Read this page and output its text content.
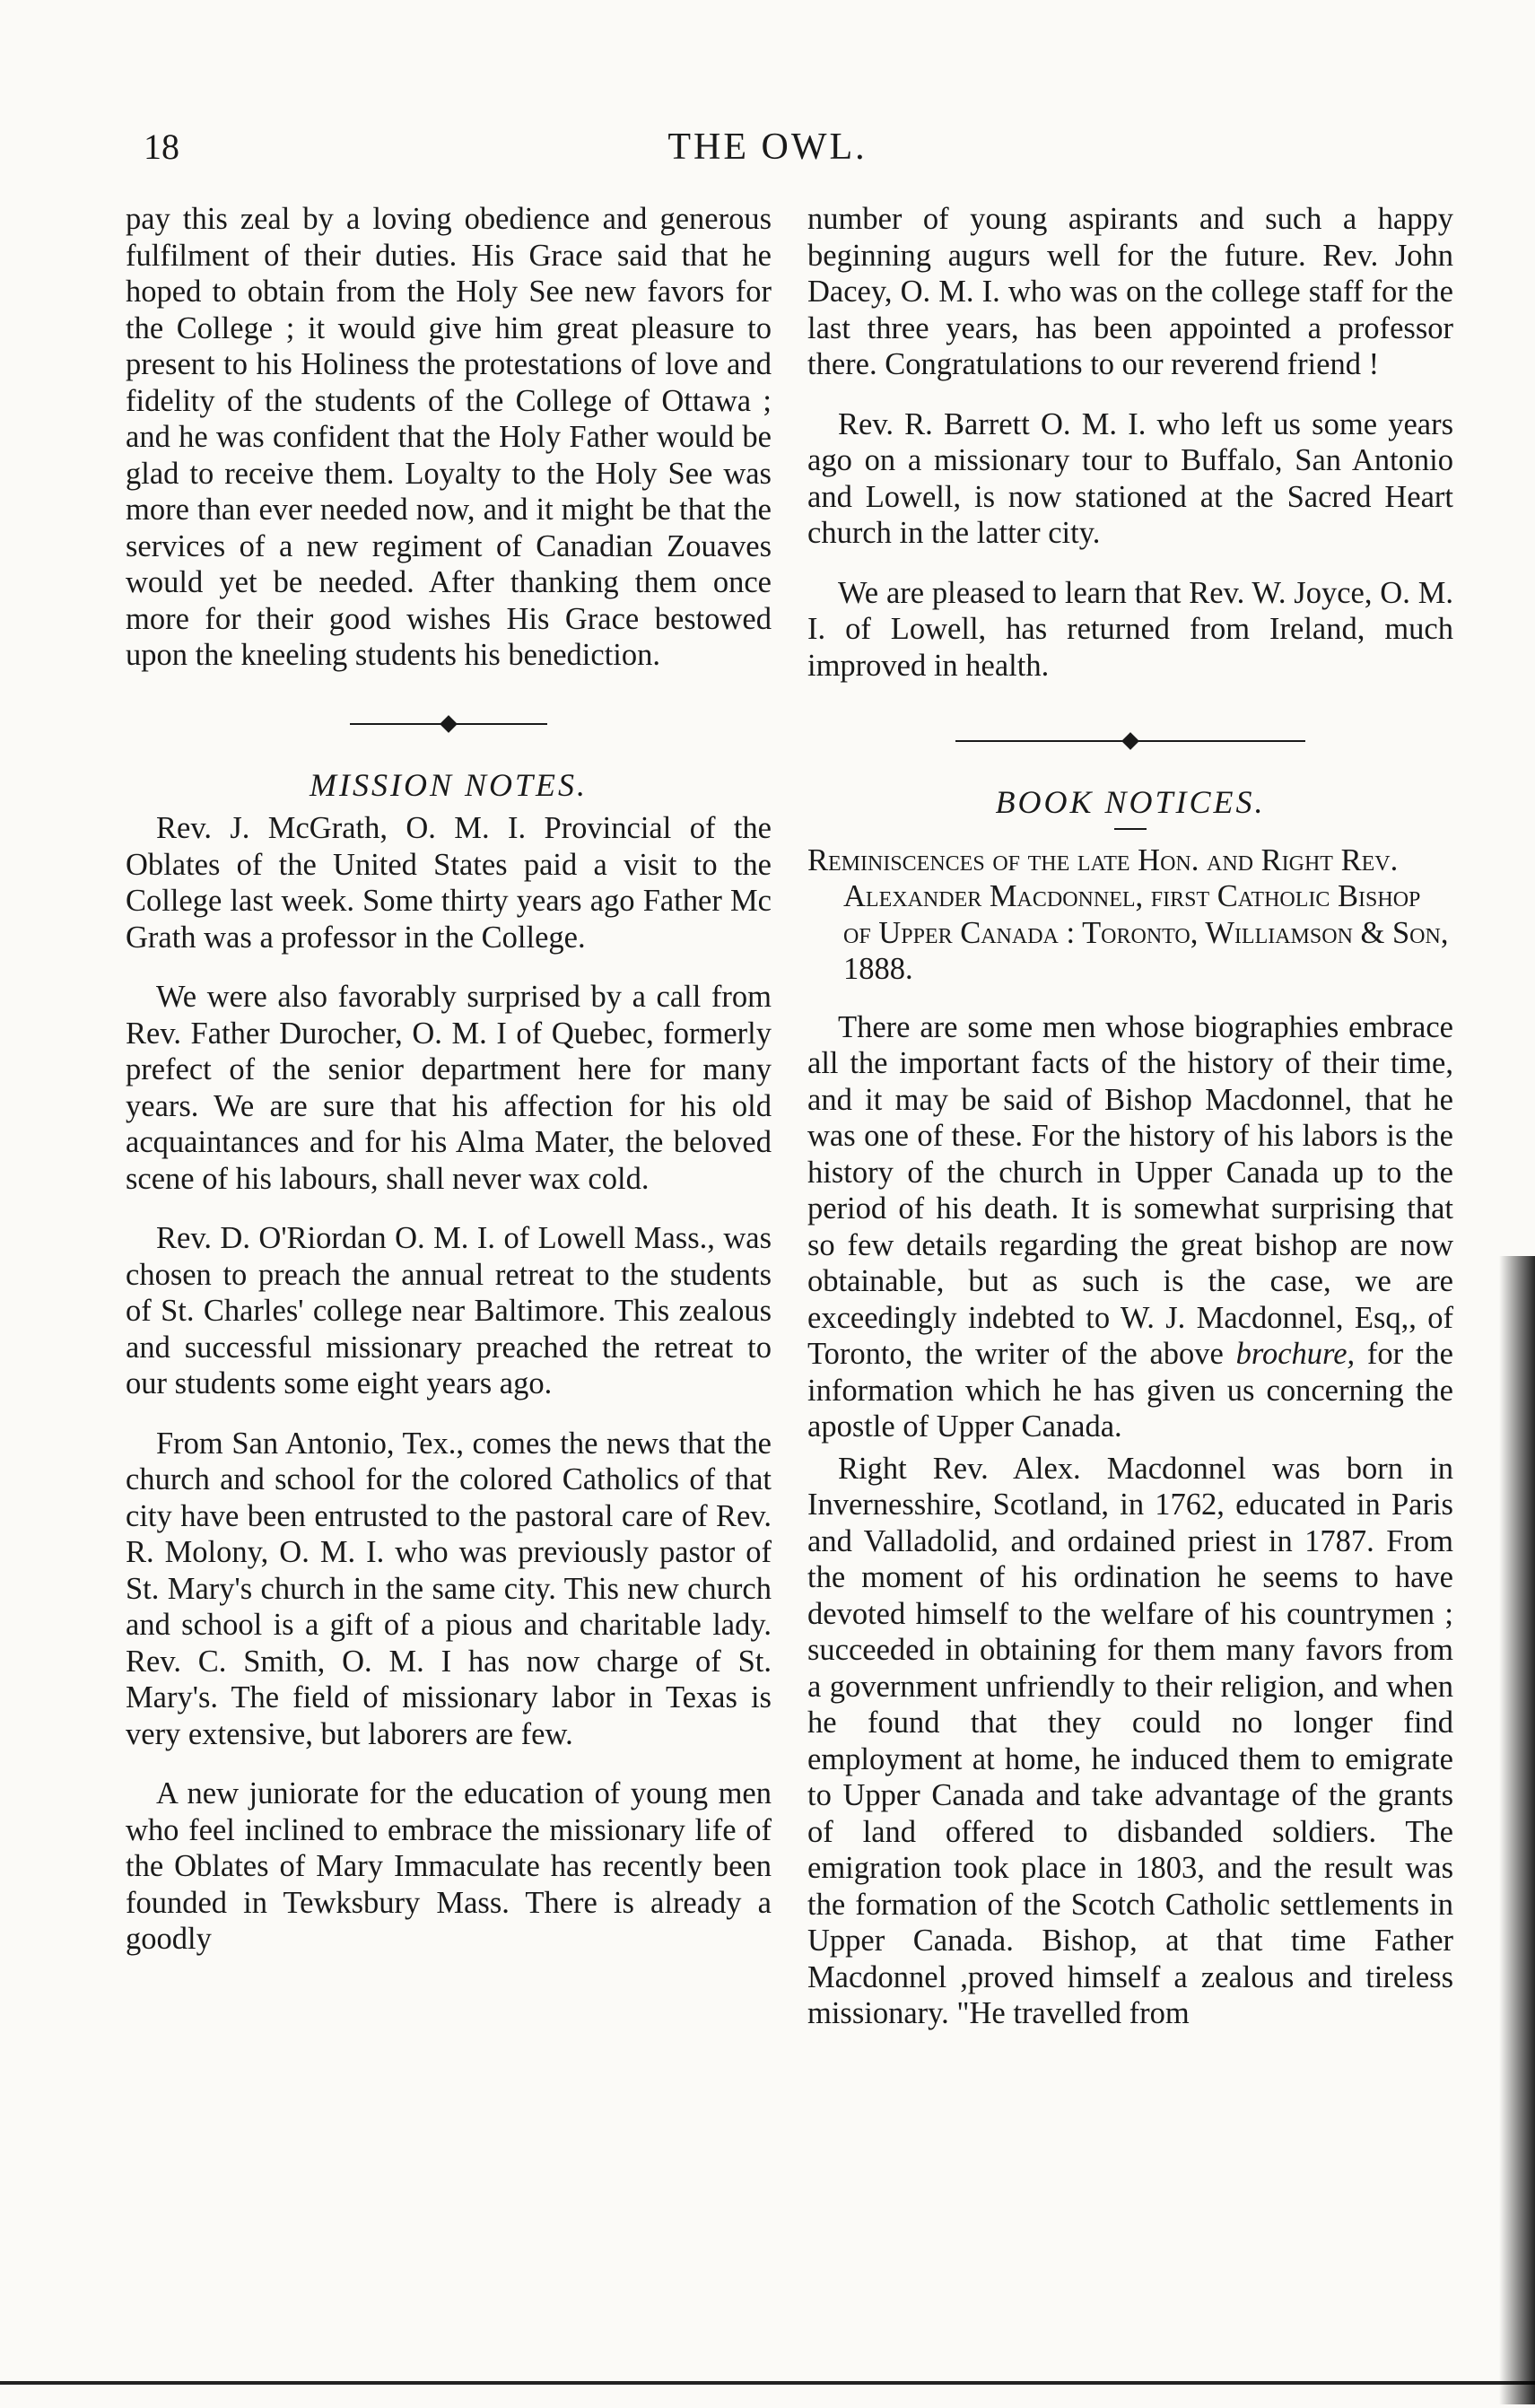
18	THE OWL.

pay this zeal by a loving obedience and generous fulfilment of their duties. His Grace said that he hoped to obtain from the Holy See new favors for the College ; it would give him great pleasure to present to his Holiness the protestations of love and fidelity of the students of the College of Ottawa ; and he was confident that the Holy Father would be glad to receive them. Loyalty to the Holy See was more than ever needed now, and it might be that the services of a new regiment of Canadian Zouaves would yet be needed. After thanking them once more for their good wishes His Grace bestowed upon the kneeling students his benediction.

MISSION NOTES.

Rev. J. McGrath, O. M. I. Provincial of the Oblates of the United States paid a visit to the College last week. Some thirty years ago Father Mc Grath was a professor in the College.

We were also favorably surprised by a call from Rev. Father Durocher, O. M. I of Quebec, formerly prefect of the senior department here for many years. We are sure that his affection for his old acquaintances and for his Alma Mater, the beloved scene of his labours, shall never wax cold.

Rev. D. O'Riordan O. M. I. of Lowell Mass., was chosen to preach the annual retreat to the students of St. Charles' college near Baltimore. This zealous and successful missionary preached the retreat to our students some eight years ago.

From San Antonio, Tex., comes the news that the church and school for the colored Catholics of that city have been entrusted to the pastoral care of Rev. R. Molony, O. M. I. who was previously pastor of St. Mary's church in the same city. This new church and school is a gift of a pious and charitable lady. Rev. C. Smith, O. M. I has now charge of St. Mary's. The field of missionary labor in Texas is very extensive, but laborers are few.

A new juniorate for the education of young men who feel inclined to embrace the missionary life of the Oblates of Mary Immaculate has recently been founded in Tewksbury Mass. There is already a goodly

number of young aspirants and such a happy beginning augurs well for the future. Rev. John Dacey, O. M. I. who was on the college staff for the last three years, has been appointed a professor there. Congratulations to our reverend friend !

Rev. R. Barrett O. M. I. who left us some years ago on a missionary tour to Buffalo, San Antonio and Lowell, is now stationed at the Sacred Heart church in the latter city.

We are pleased to learn that Rev. W. Joyce, O. M. I. of Lowell, has returned from Ireland, much improved in health.

BOOK NOTICES.

Reminiscences of the late Hon. and Right Rev. Alexander Macdonnel, first Catholic Bishop of Upper Canada : Toronto, Williamson & Son, 1888.

There are some men whose biographies embrace all the important facts of the history of their time, and it may be said of Bishop Macdonnel, that he was one of these. For the history of his labors is the history of the church in Upper Canada up to the period of his death. It is somewhat surprising that so few details regarding the great bishop are now obtainable, but as such is the case, we are exceedingly indebted to W. J. Macdonnel, Esq,, of Toronto, the writer of the above brochure, for the information which he has given us concerning the apostle of Upper Canada.

Right Rev. Alex. Macdonnel was born in Invernesshire, Scotland, in 1762, educated in Paris and Valladolid, and ordained priest in 1787. From the moment of his ordination he seems to have devoted himself to the welfare of his countrymen ; succeeded in obtaining for them many favors from a government unfriendly to their religion, and when he found that they could no longer find employment at home, he induced them to emigrate to Upper Canada and take advantage of the grants of land offered to disbanded soldiers. The emigration took place in 1803, and the result was the formation of the Scotch Catholic settlements in Upper Canada. Bishop, at that time Father Macdonnel ,proved himself a zealous and tireless missionary. "He travelled from
